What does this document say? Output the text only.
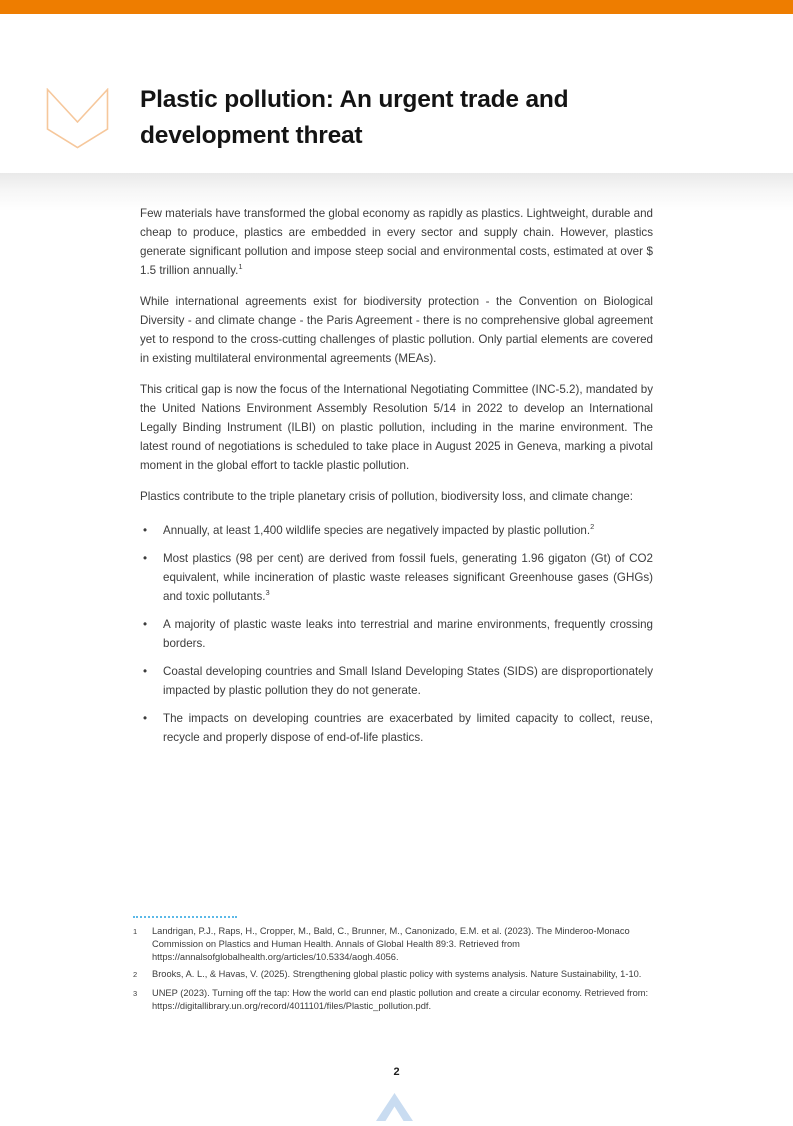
Plastic pollution: An urgent trade and development threat

Few materials have transformed the global economy as rapidly as plastics. Lightweight, durable and cheap to produce, plastics are embedded in every sector and supply chain. However, plastics generate significant pollution and impose steep social and environmental costs, estimated at over $ 1.5 trillion annually.$^1$

While international agreements exist for biodiversity protection - the Convention on Biological Diversity - and climate change - the Paris Agreement - there is no comprehensive global agreement yet to respond to the cross-cutting challenges of plastic pollution. Only partial elements are covered in existing multilateral environmental agreements (MEAs).

This critical gap is now the focus of the International Negotiating Committee (INC-5.2), mandated by the United Nations Environment Assembly Resolution 5/14 in 2022 to develop an International Legally Binding Instrument (ILBI) on plastic pollution, including in the marine environment. The latest round of negotiations is scheduled to take place in August 2025 in Geneva, marking a pivotal moment in the global effort to tackle plastic pollution.

Plastics contribute to the triple planetary crisis of pollution, biodiversity loss, and climate change:

•	Annually, at least 1,400 wildlife species are negatively impacted by plastic pollution.$^2$
•	Most plastics (98 per cent) are derived from fossil fuels, generating 1.96 gigaton (Gt) of CO2 equivalent, while incineration of plastic waste releases significant Greenhouse gases (GHGs) and toxic pollutants.$^3$
•	A majority of plastic waste leaks into terrestrial and marine environments, frequently crossing borders.
•	Coastal developing countries and Small Island Developing States (SIDS) are disproportionately impacted by plastic pollution they do not generate.
•	The impacts on developing countries are exacerbated by limited capacity to collect, reuse, recycle and properly dispose of end-of-life plastics.
1	Landrigan, P.J., Raps, H., Cropper, M., Bald, C., Brunner, M., Canonizado, E.M. et al. (2023). The Minderoo-Monaco Commission on Plastics and Human Health. Annals of Global Health 89:3. Retrieved from https://annalsofglobalhealth.org/articles/10.5334/aogh.4056.
2	Brooks, A. L., & Havas, V. (2025). Strengthening global plastic policy with systems analysis. Nature Sustainability, 1-10.
3	UNEP (2023). Turning off the tap: How the world can end plastic pollution and create a circular economy. Retrieved from: https://digitallibrary.un.org/record/4011101/files/Plastic_pollution.pdf.
2
